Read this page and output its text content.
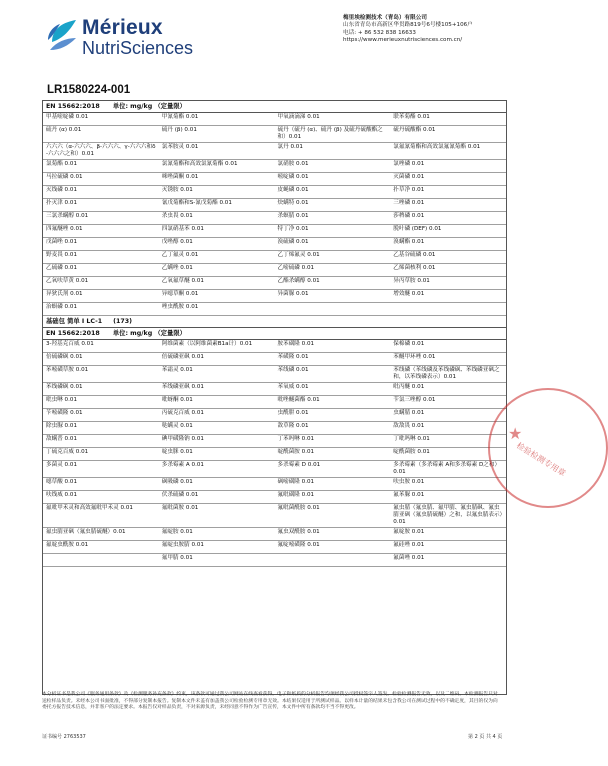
Mérieux
NutriSciences
梅里埃检测技术（青岛）有限公司
山东省青岛市高新区华贯路819号6号楼105+106户
电话: + 86 532 838 16633
https://www.merieuxnutrisciences.com.cn/
LR1580224-001
EN 15662:2018 单位: mg/kg （定量限）			
甲基嘧啶磷 0.01	甲氰菊酯 0.01	甲氧滴滴涕 0.01	联苯菊酯 0.01
硫丹 (α) 0.01	硫丹 (β) 0.01	硫丹（硫丹 (α)、硫丹 (β) 及硫丹硫酸酯之和）0.01	硫丹硫酸酯 0.01
六六六（α-六六六、β-六六六、γ-六六六和δ-六六六之和）0.01	氯苯胺灵 0.01	氯丹 0.01	氯氟氰菊酯和高效氯氟氰菊酯 0.01
氯菊酯 0.01	氯氰菊酯和高效氯氰菊酯 0.01	氯硝胺 0.01	氯唑磷 0.01
马拉硫磷 0.01	咪唑菌酮 0.01	嘧啶磷 0.01	灭菌磷 0.01
灭线磷 0.01	灭锈胺 0.01	皮蝇磷 0.01	扑草净 0.01
扑灭津 0.01	氰戊菊酯和S-氰戊菊酯 0.01	炔螨特 0.01	三唑磷 0.01
三氯杀螨醇 0.01	杀虫畏 0.01	杀螟腈 0.01	莎稗磷 0.01
四氟醚唑 0.01	四氯硝基苯 0.01	特丁净 0.01	脱叶磷 (DEF) 0.01
戊菌唑 0.01	戊唑醇 0.01	溴硫磷 0.01	溴螨酯 0.01
野麦畏 0.01	乙丁氟灵 0.01	乙丁烯氟灵 0.01	乙基谷硫磷 0.01
乙硫磷 0.01	乙螨唑 0.01	乙嘧硫磷 0.01	乙烯菌核利 0.01
乙氧呋草黄 0.01	乙氧氟草醚 0.01	乙酯杀螨醇 0.01	异丙草胺 0.01
异狄氏剂 0.01	异噁草酮 0.01	异菌脲 0.01	增效醚 0.01
治螟磷 0.01	唑虫酰胺 0.01		
基础包 简单 I LC-1 (173)			
EN 15662:2018 单位: mg/kg （定量限）			
3-羟基克百威 0.01	阿维菌素（以阿维菌素B1a计）0.01	胺苯磺隆 0.01	保棉磷 0.01
倍硫磷砜 0.01	倍硫磷亚砜 0.01	苯磺隆 0.01	苯醚甲环唑 0.01
苯嘧磺草胺 0.01	苯霜灵 0.01	苯线磷 0.01	苯线磷（苯线磷及苯线磷砜、苯线磷亚砜之和，以苯线磷表示）0.01
苯线磷砜 0.01	苯线磷亚砜 0.01	苯氧威 0.01	吡丙醚 0.01
吡虫啉 0.01	吡蚜酮 0.01	吡唑醚菌酯 0.01	苄氯三唑醇 0.01
苄嘧磺隆 0.01	丙硫克百威 0.01	虫酰肼 0.01	虫螨腈 0.01
除虫脲 0.01	哒螨灵 0.01	敌草隆 0.01	敌敌畏 0.01
敌螨普 0.01	碘甲磺隆钠 0.01	丁苯吗啉 0.01	丁吡吗啉 0.01
丁硫克百威 0.01	啶虫脒 0.01	啶酰菌胺 0.01	啶酰菌胺 0.01
多菌灵 0.01	多杀霉素 A 0.01	多杀霉素 D 0.01	多杀霉素（多杀霉素 A和多杀霉素 D之和）0.01
噁草酸 0.01	砜吸磷 0.01	砜嘧磺隆 0.01	呋虫胺 0.01
呋线威 0.01	伏杀硫磷 0.01	氟吡磺隆 0.01	氟苯脲 0.01
氟吡甲禾灵和高效氟吡甲禾灵 0.01	氟吡菌胺 0.01	氟吡菌酰胺 0.01	氟虫腈（氟虫腈、氟甲腈、氟虫腈砜、氟虫腈亚砜（氟虫腈硫醚）之和，以氟虫腈表示）0.01
氟虫腈亚砜（氟虫腈硫醚）0.01	氟啶胺 0.01	氟虫双酰胺 0.01	氟啶胺 0.01
氟啶虫酰胺 0.01	氟啶虫胺腈 0.01	氟啶嘧磺隆 0.01	氟硅唑 0.01
	氟甲腈 0.01		氟菌唑 0.01
★
检验检测专用章
本分析证书是我公司《服务通用条款》及《检测服务补充条款》约束，该条款可通过我公司网站在线查看获得。电子和纸质的分析报告均须经我公司授权签字人签发。检验检测报告无效，以及二维码。本检测报告只对送检样品负责。未经本公司书面批准，不得部分复制本报告。复制本文件未盖有加盖我公司检验检测专用章无效。本结果仅适用于所测试样品。以样本计量的结果未包含我公司在测试过程中的不确定度，其目的仅为向委托方报告技术信息，并非客户的法定要求。本报告仅对样品负责，不对来源负责，未经同意不得作为广告宣传，本文件中所有条款均不当不得更改。
证书编号 2763537	第 2 页 共 4 页
